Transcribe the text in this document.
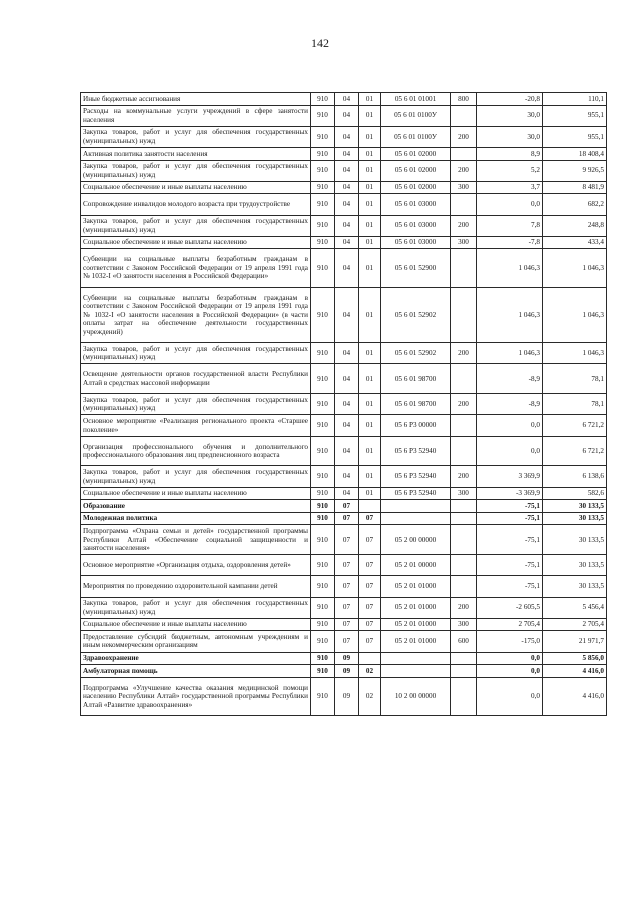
142
Иные бюджетные ассигнования	910	04	01	05 6 01 01001	800	-20,8	110,1
Расходы на коммунальные услуги учреждений в сфере занятости населения	910	04	01	05 6 01 0100У		30,0	955,1
Закупка товаров, работ и услуг для обеспечения государственных (муниципальных) нужд	910	04	01	05 6 01 0100У	200	30,0	955,1
Активная политика занятости населения	910	04	01	05 6 01 02000		8,9	18 408,4
Закупка товаров, работ и услуг для обеспечения государственных (муниципальных) нужд	910	04	01	05 6 01 02000	200	5,2	9 926,5
Социальное обеспечение и иные выплаты населению	910	04	01	05 6 01 02000	300	3,7	8 481,9
Сопровождение инвалидов молодого возраста при трудоустройстве	910	04	01	05 6 01 03000		0,0	682,2
Закупка товаров, работ и услуг для обеспечения государственных (муниципальных) нужд	910	04	01	05 6 01 03000	200	7,8	248,8
Социальное обеспечение и иные выплаты населению	910	04	01	05 6 01 03000	300	-7,8	433,4
Субвенции на социальные выплаты безработным гражданам в соответствии с Законом Российской Федерации от 19 апреля 1991 года № 1032-I «О занятости населения в Российской Федерации»	910	04	01	05 6 01 52900		1 046,3	1 046,3
Субвенции на социальные выплаты безработным гражданам в соответствии с Законом Российской Федерации от 19 апреля 1991 года № 1032-I «О занятости населения в Российской Федерации» (в части оплаты затрат на обеспечение деятельности государственных учреждений)	910	04	01	05 6 01 52902		1 046,3	1 046,3
Закупка товаров, работ и услуг для обеспечения государственных (муниципальных) нужд	910	04	01	05 6 01 52902	200	1 046,3	1 046,3
Освещение деятельности органов государственной власти Республики Алтай в средствах массовой информации	910	04	01	05 6 01 98700		-8,9	78,1
Закупка товаров, работ и услуг для обеспечения государственных (муниципальных) нужд	910	04	01	05 6 01 98700	200	-8,9	78,1
Основное мероприятие «Реализация регионального проекта «Старшее поколение»	910	04	01	05 6 P3 00000		0,0	6 721,2
Организация профессионального обучения и дополнительного профессионального образования лиц предпенсионного возраста	910	04	01	05 6 P3 52940		0,0	6 721,2
Закупка товаров, работ и услуг для обеспечения государственных (муниципальных) нужд	910	04	01	05 6 P3 52940	200	3 369,9	6 138,6
Социальное обеспечение и иные выплаты населению	910	04	01	05 6 P3 52940	300	-3 369,9	582,6
Образование	910	07				-75,1	30 133,5
Молодежная политика	910	07	07			-75,1	30 133,5
Подпрограмма «Охрана семьи и детей» государственной программы Республики Алтай «Обеспечение социальной защищенности и занятости населения»	910	07	07	05 2 00 00000		-75,1	30 133,5
Основное мероприятие «Организация отдыха, оздоровления детей»	910	07	07	05 2 01 00000		-75,1	30 133,5
Мероприятия по проведению оздоровительной кампании детей	910	07	07	05 2 01 01000		-75,1	30 133,5
Закупка товаров, работ и услуг для обеспечения государственных (муниципальных) нужд	910	07	07	05 2 01 01000	200	-2 605,5	5 456,4
Социальное обеспечение и иные выплаты населению	910	07	07	05 2 01 01000	300	2 705,4	2 705,4
Предоставление субсидий бюджетным, автономным учреждениям и иным некоммерческим организациям	910	07	07	05 2 01 01000	600	-175,0	21 971,7
Здравоохранение	910	09				0,0	5 856,0
Амбулаторная помощь	910	09	02			0,0	4 416,0
Подпрограмма «Улучшение качества оказания медицинской помощи населению Республики Алтай» государственной программы Республики Алтай «Развитие здравоохранения»	910	09	02	10 2 00 00000		0,0	4 416,0
